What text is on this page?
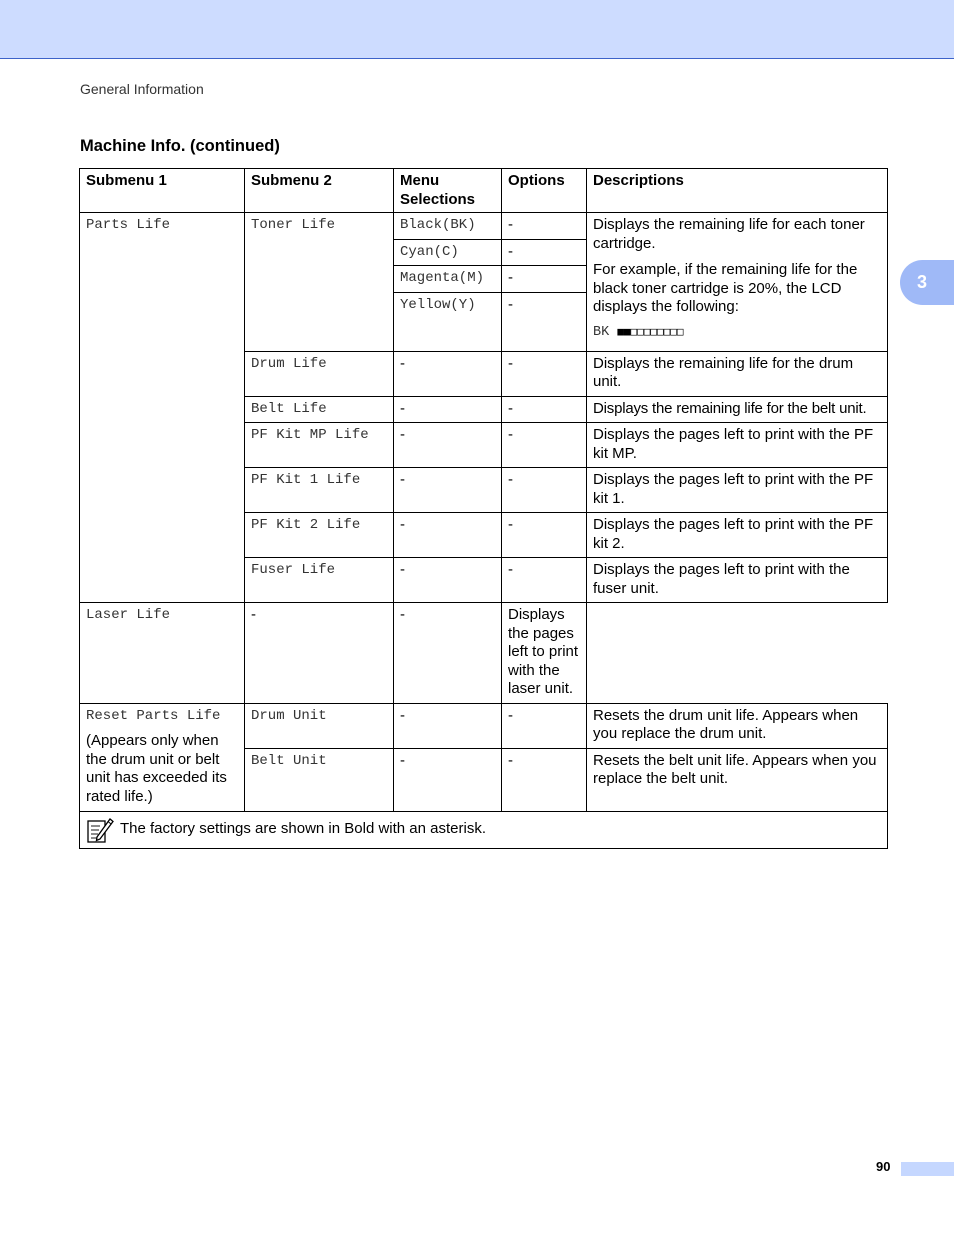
General Information
3
Machine Info. (continued)
Submenu 1	Submenu 2	Menu Selections	Options	Descriptions
Parts Life	Toner Life	Black(BK)	-	Displays the remaining life for each toner cartridge.

For example, if the remaining life for the black toner cartridge is 20%, the LCD displays the following:

BK ■■□□□□□□□□

		Cyan(C)	-	
		Magenta(M)	-	
		Yellow(Y)	-	
	Drum Life	-	-	Displays the remaining life for the drum unit.
	Belt Life	-	-	Displays the remaining life for the belt unit.
	PF Kit MP Life	-	-	Displays the pages left to print with the PF kit MP.
	PF Kit 1 Life	-	-	Displays the pages left to print with the PF kit 1.
	PF Kit 2 Life	-	-	Displays the pages left to print with the PF kit 2.
	Fuser Life	-	-	Displays the pages left to print with the fuser unit.
Laser Life	-	-	Displays the pages left to print with the laser unit.	

Reset Parts Life
(Appears only when the drum unit or belt unit has exceeded its rated life.)	Drum Unit	-	-	Resets the drum unit life. Appears when you replace the drum unit.
	Belt Unit	-	-	Resets the belt unit life. Appears when you replace the belt unit.

The factory settings are shown in Bold with an asterisk.				
90
